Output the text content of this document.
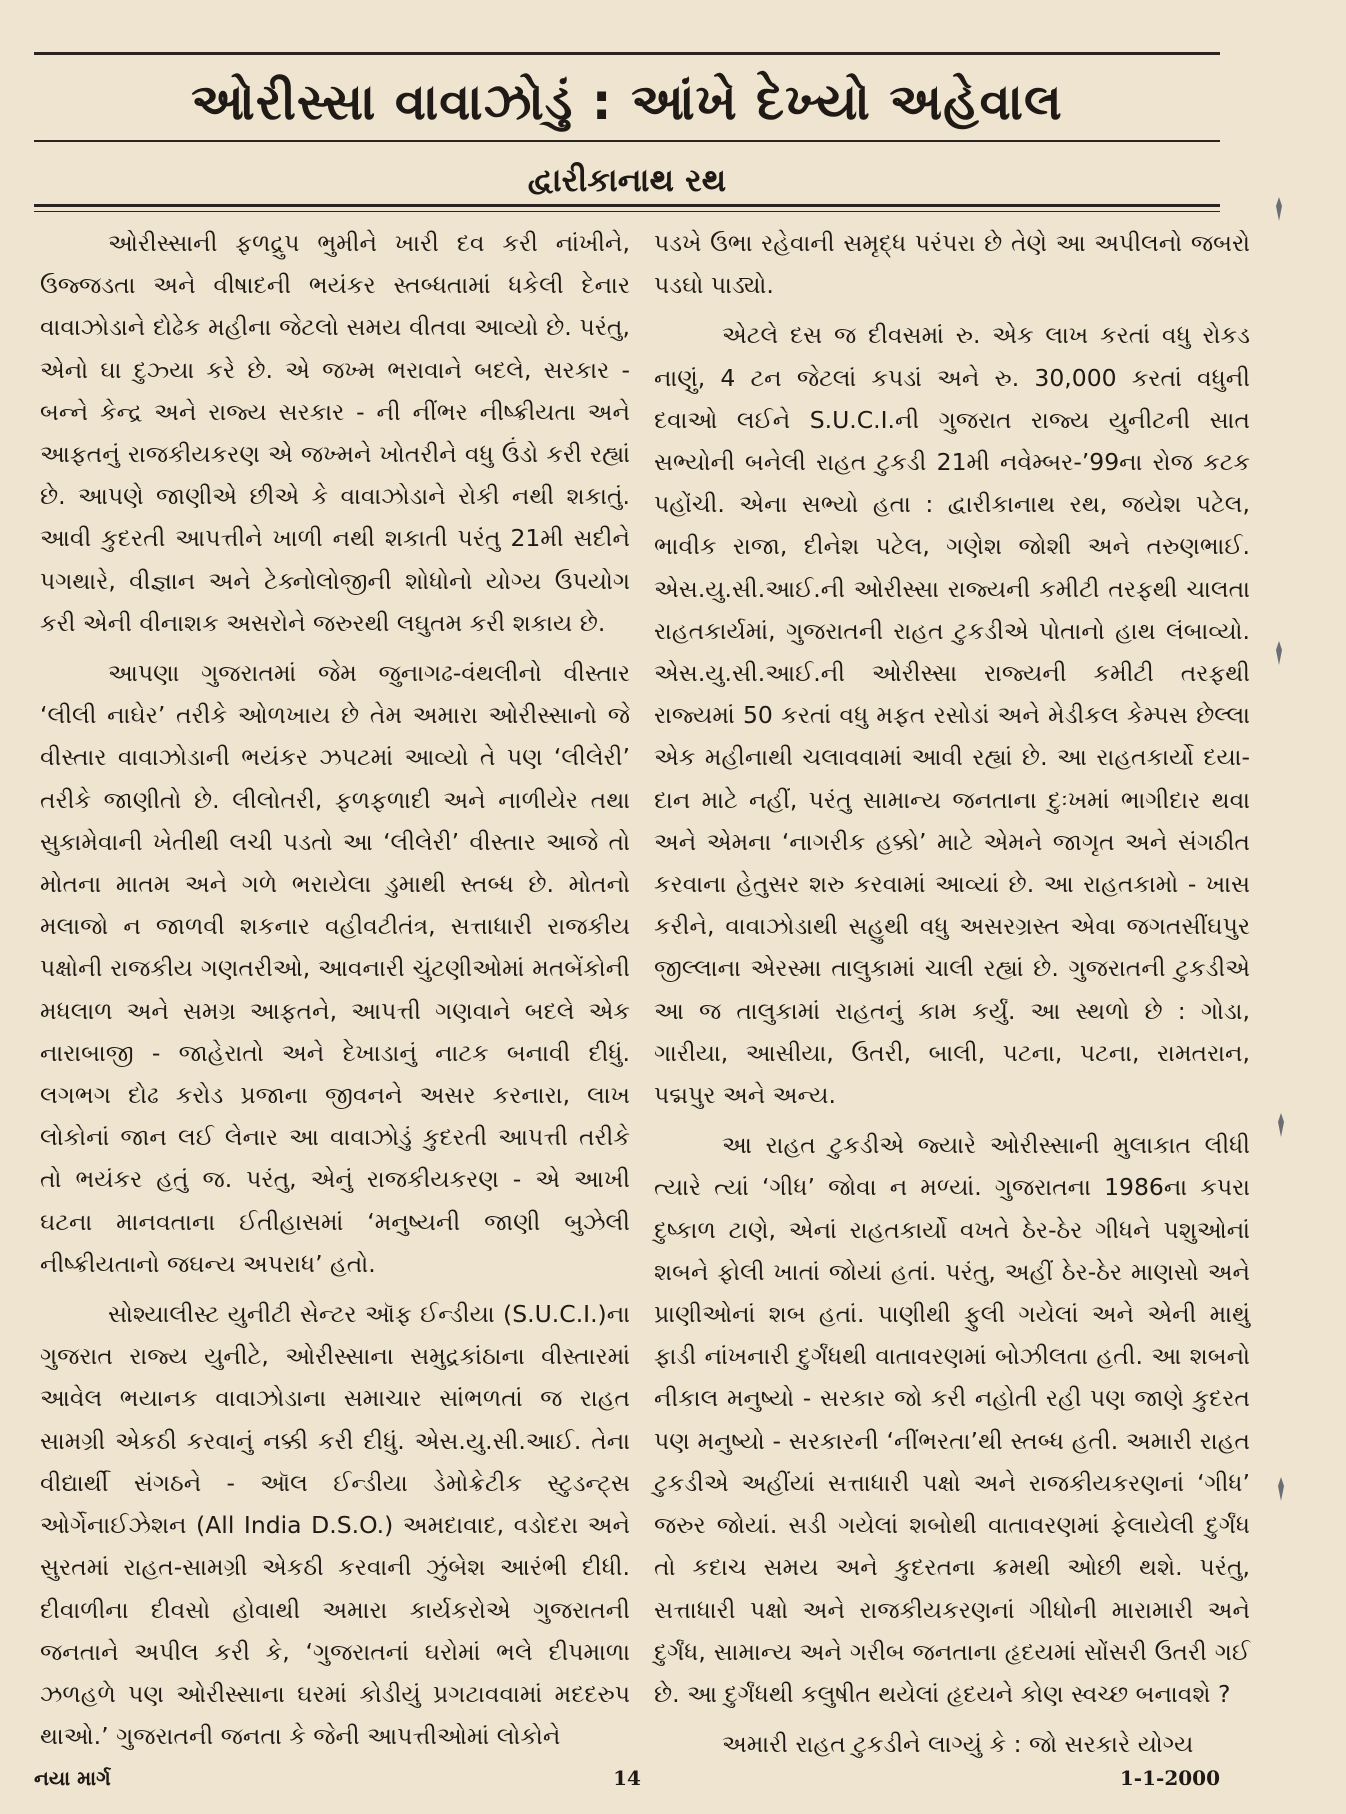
ઓરીસ્સા વાવાઝોડું : આંખે દેખ્યો અહેવાલ
દ્વારીકાનાથ રથ

ઓરીસ્સાની ફળદ્રુપ ભુમીને ખારી દવ કરી નાંખીને, ઉજ્જડતા અને વીષાદની ભયંકર સ્તબ્ધતામાં ધકેલી દેનાર વાવાઝોડાને દોઢેક મહીના જેટલો સમય વીતવા આવ્યો છે. પરંતુ, એનો ઘા દુઝ્યા કરે છે. એ જખ્મ ભરાવાને બદલે, સરકાર - બન્ને કેન્દ્ર અને રાજ્ય સરકાર - ની નીંભર નીષ્ક્રીયતા અને આફતનું રાજકીયકરણ એ જખ્મને ખોતરીને વધુ ઉંડો કરી રહ્યાં છે. આપણે જાણીએ છીએ કે વાવાઝોડાને રોકી નથી શકાતું. આવી કુદરતી આપત્તીને ખાળી નથી શકાતી પરંતુ 21મી સદીને પગથારે, વીજ્ઞાન અને ટેક્નોલોજીની શોધોનો યોગ્ય ઉપયોગ કરી એની વીનાશક અસરોને જરુરથી લઘુતમ કરી શકાય છે.

આપણા ગુજરાતમાં જેમ જુનાગઢ-વંથલીનો વીસ્તાર ‘લીલી નાઘેર’ તરીકે ઓળખાય છે તેમ અમારા ઓરીસ્સાનો જે વીસ્તાર વાવાઝોડાની ભયંકર ઝપટમાં આવ્યો તે પણ ‘લીલેરી’ તરીકે જાણીતો છે. લીલોતરી, ફળફળાદી અને નાળીયેર તથા સુકામેવાની ખેતીથી લચી પડતો આ ‘લીલેરી’ વીસ્તાર આજે તો મોતના માતમ અને ગળે ભરાયેલા ડુમાથી સ્તબ્ધ છે. મોતનો મલાજો ન જાળવી શકનાર વહીવટીતંત્ર, સત્તાધારી રાજકીય પક્ષોની રાજકીય ગણતરીઓ, આવનારી ચુંટણીઓમાં મતબેંકોની મધલાળ અને સમગ્ર આફતને, આપત્તી ગણવાને બદલે એક નારાબાજી - જાહેરાતો અને દેખાડાનું નાટક બનાવી દીધું. લગભગ દોઢ કરોડ પ્રજાના જીવનને અસર કરનારા, લાખ લોકોનાં જાન લઈ લેનાર આ વાવાઝોડું કુદરતી આપત્તી તરીકે તો ભયંકર હતું જ. પરંતુ, એનું રાજકીયકરણ - એ આખી ઘટના માનવતાના ઈતીહાસમાં ‘મનુષ્યની જાણી બુઝેલી નીષ્ક્રીયતાનો જઘન્ય અપરાધ’ હતો.

સોશ્યાલીસ્ટ યુનીટી સેન્ટર ઑફ ઈન્ડીયા (S.U.C.I.)ના ગુજરાત રાજ્ય યુનીટે, ઓરીસ્સાના સમુદ્રકાંઠાના વીસ્તારમાં આવેલ ભયાનક વાવાઝોડાના સમાચાર સાંભળતાં જ રાહત સામગ્રી એકઠી કરવાનું નક્કી કરી દીધું. એસ.યુ.સી.આઈ. તેના વીદ્યાર્થી સંગઠને - ઑલ ઈન્ડીયા ડેમોક્રેટીક સ્ટુડન્ટ્સ ઓર્ગેનાઈઝેશન (All India D.S.O.) અમદાવાદ, વડોદરા અને સુરતમાં રાહત-સામગ્રી એકઠી કરવાની ઝુંબેશ આરંભી દીધી. દીવાળીના દીવસો હોવાથી અમારા કાર્યકરોએ ગુજરાતની જનતાને અપીલ કરી કે, ‘ગુજરાતનાં ઘરોમાં ભલે દીપમાળા ઝળહળે પણ ઓરીસ્સાના ઘરમાં કોડીયું પ્રગટાવવામાં મદદરુપ થાઓ.’ ગુજરાતની જનતા કે જેની આપત્તીઓમાં લોકોને

પડખે ઉભા રહેવાની સમૃદ્ધ પરંપરા છે તેણે આ અપીલનો જબરો પડઘો પાડ્યો.

એટલે દસ જ દીવસમાં રુ. એક લાખ કરતાં વધુ રોકડ નાણું, 4 ટન જેટલાં કપડાં અને રુ. 30,000 કરતાં વધુની દવાઓ લઈને S.U.C.I.ની ગુજરાત રાજ્ય યુનીટની સાત સભ્યોની બનેલી રાહત ટુકડી 21મી નવેમ્બર-’99ના રોજ કટક પહોંચી. એના સભ્યો હતા : દ્વારીકાનાથ રથ, જયેશ પટેલ, ભાવીક રાજા, દીનેશ પટેલ, ગણેશ જોશી અને તરુણભાઈ. એસ.યુ.સી.આઈ.ની ઓરીસ્સા રાજ્યની કમીટી તરફથી ચાલતા રાહતકાર્યમાં, ગુજરાતની રાહત ટુકડીએ પોતાનો હાથ લંબાવ્યો. એસ.યુ.સી.આઈ.ની ઓરીસ્સા રાજ્યની કમીટી તરફથી રાજ્યમાં 50 કરતાં વધુ મફત રસોડાં અને મેડીકલ કેમ્પસ છેલ્લા એક મહીનાથી ચલાવવામાં આવી રહ્યાં છે. આ રાહતકાર્યો દયા-દાન માટે નહીં, પરંતુ સામાન્ય જનતાના દુઃખમાં ભાગીદાર થવા અને એમના ‘નાગરીક હક્કો’ માટે એમને જાગૃત અને સંગઠીત કરવાના હેતુસર શરુ કરવામાં આવ્યાં છે. આ રાહતકામો - ખાસ કરીને, વાવાઝોડાથી સહુથી વધુ અસરગ્રસ્ત એવા જગતસીંઘપુર જીલ્લાના એરસ્મા તાલુકામાં ચાલી રહ્યાં છે. ગુજરાતની ટુકડીએ આ જ તાલુકામાં રાહતનું કામ કર્યું. આ સ્થળો છે : ગોડા, ગારીયા, આસીયા, ઉતરી, બાલી, પટના, પટના, રામતરાન, પદ્મપુર અને અન્ય.

આ રાહત ટુકડીએ જ્યારે ઓરીસ્સાની મુલાકાત લીધી ત્યારે ત્યાં ‘ગીધ’ જોવા ન મળ્યાં. ગુજરાતના 1986ના કપરા દુષ્કાળ ટાણે, એનાં રાહતકાર્યો વખતે ઠેર-ઠેર ગીધને પશુઓનાં શબને ફોલી ખાતાં જોયાં હતાં. પરંતુ, અહીં ઠેર-ઠેર માણસો અને પ્રાણીઓનાં શબ હતાં. પાણીથી ફુલી ગયેલાં અને એની માથું ફાડી નાંખનારી દુર્ગંધથી વાતાવરણમાં બોઝીલતા હતી. આ શબનો નીકાલ મનુષ્યો - સરકાર જો કરી નહોતી રહી પણ જાણે કુદરત પણ મનુષ્યો - સરકારની ‘નીંભરતા’થી સ્તબ્ધ હતી. અમારી રાહત ટુકડીએ અહીંયાં સત્તાધારી પક્ષો અને રાજકીયકરણનાં ‘ગીધ’ જરુર જોયાં. સડી ગયેલાં શબોથી વાતાવરણમાં ફેલાયેલી દુર્ગંધ તો કદાચ સમય અને કુદરતના ક્રમથી ઓછી થશે. પરંતુ, સત્તાધારી પક્ષો અને રાજકીયકરણનાં ગીધોની મારામારી અને દુર્ગંધ, સામાન્ય અને ગરીબ જનતાના હૃદયમાં સોંસરી ઉતરી ગઈ છે. આ દુર્ગંધથી કલુષીત થયેલાં હૃદયને કોણ સ્વચ્છ બનાવશે ?

અમારી રાહત ટુકડીને લાગ્યું કે : જો સરકારે યોગ્ય

નયા માર્ગ	14	1-1-2000
